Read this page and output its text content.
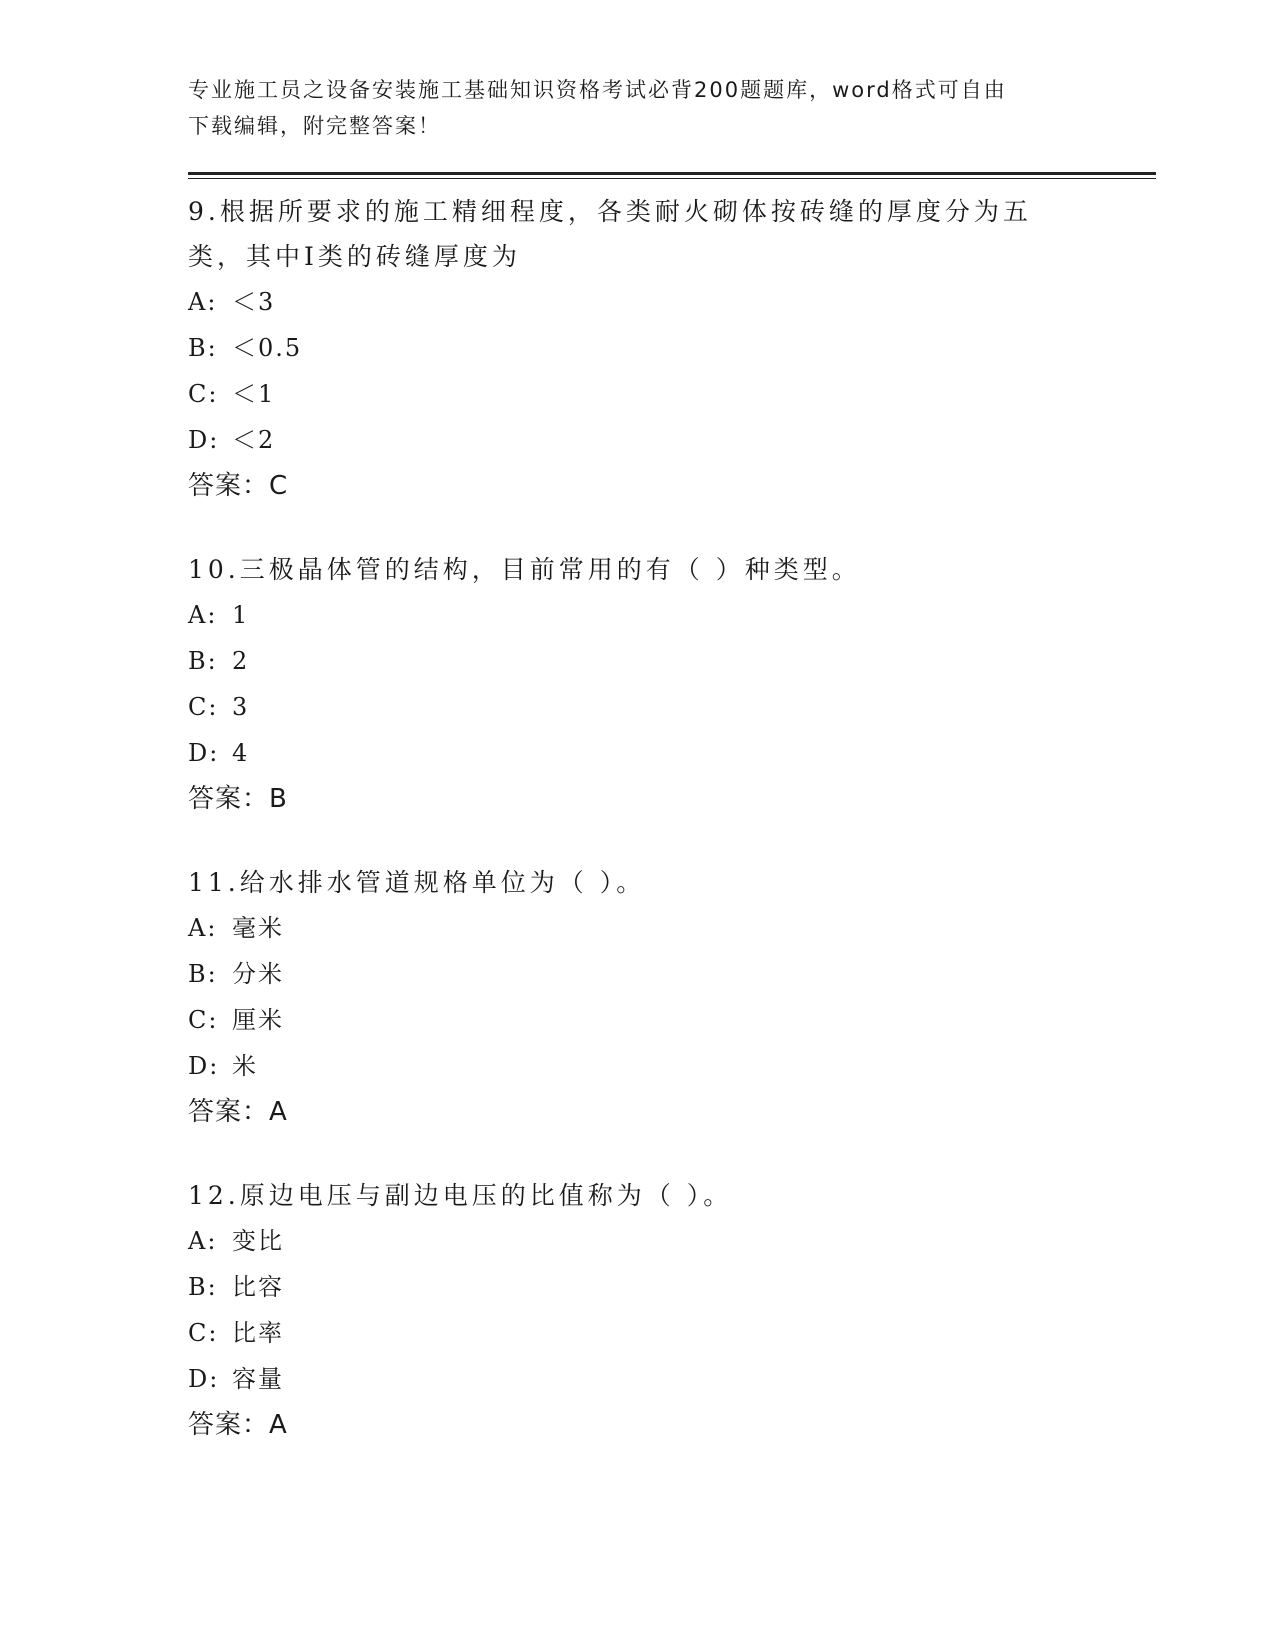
专业施工员之设备安装施工基础知识资格考试必背200题题库，word格式可自由
下载编辑，附完整答案！
9.根据所要求的施工精细程度，各类耐火砌体按砖缝的厚度分为五类，其中Ⅰ类的砖缝厚度为
A: ＜3
B: ＜0.5
C: ＜1
D: ＜2
答案：C
10.三极晶体管的结构，目前常用的有（ ）种类型。
A: 1
B: 2
C: 3
D: 4
答案：B
11.给水排水管道规格单位为（ ）。
A: 毫米
B: 分米
C: 厘米
D: 米
答案：A
12.原边电压与副边电压的比值称为（ ）。
A: 变比
B: 比容
C: 比率
D: 容量
答案：A
